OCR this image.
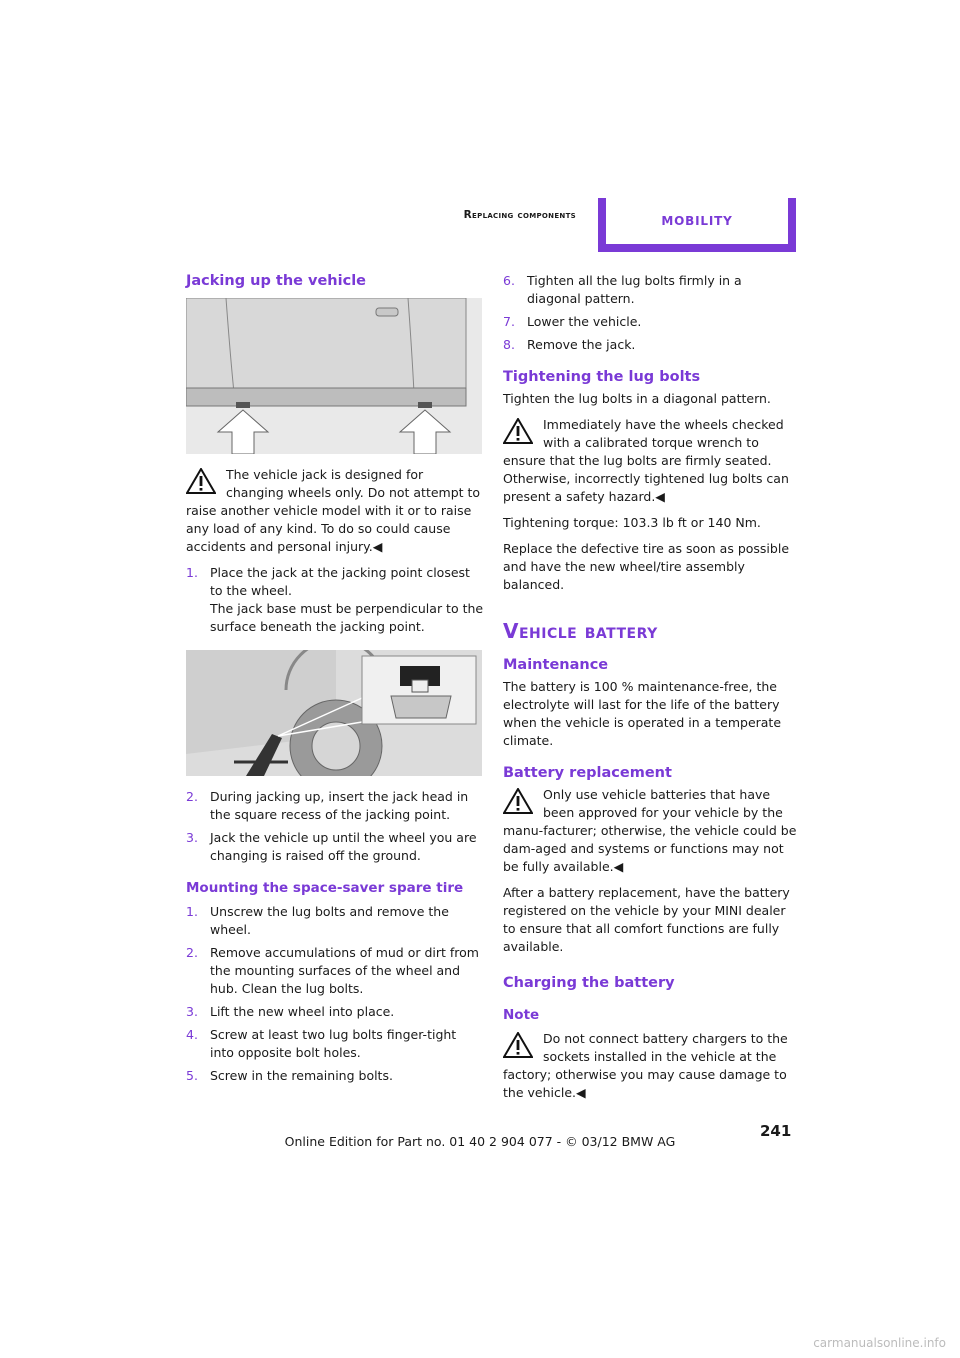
Replacing components	MOBILITY
Jacking up the vehicle
The vehicle jack is designed for changing wheels only. Do not attempt to raise another vehicle model with it or to raise any load of any kind. To do so could cause accidents and personal injury.◀
1. Place the jack at the jacking point closest to the wheel.
The jack base must be perpendicular to the surface beneath the jacking point.
2. During jacking up, insert the jack head in the square recess of the jacking point.
3. Jack the vehicle up until the wheel you are changing is raised off the ground.
Mounting the space-saver spare tire
1. Unscrew the lug bolts and remove the wheel.
2. Remove accumulations of mud or dirt from the mounting surfaces of the wheel and hub. Clean the lug bolts.
3. Lift the new wheel into place.
4. Screw at least two lug bolts finger-tight into opposite bolt holes.
5. Screw in the remaining bolts.
6. Tighten all the lug bolts firmly in a diagonal pattern.
7. Lower the vehicle.
8. Remove the jack.
Tightening the lug bolts

Tighten the lug bolts in a diagonal pattern.

Immediately have the wheels checked with a calibrated torque wrench to ensure that the lug bolts are firmly seated. Otherwise, incorrectly tightened lug bolts can present a safety hazard.◀

Tightening torque: 103.3 lb ft or 140 Nm.

Replace the defective tire as soon as possible and have the new wheel/tire assembly balanced.

Vehicle battery
Maintenance

The battery is 100 % maintenance-free, the electrolyte will last for the life of the battery when the vehicle is operated in a temperate climate.

Battery replacement
Only use vehicle batteries that have been approved for your vehicle by the manu-facturer; otherwise, the vehicle could be dam-aged and systems or functions may not be fully available.◀

After a battery replacement, have the battery registered on the vehicle by your MINI dealer to ensure that all comfort functions are fully available.

Charging the battery
Note
Do not connect battery chargers to the sockets installed in the vehicle at the factory; otherwise you may cause damage to the vehicle.◀
241
Online Edition for Part no. 01 40 2 904 077 - © 03/12 BMW AG
carmanualsonline.info
